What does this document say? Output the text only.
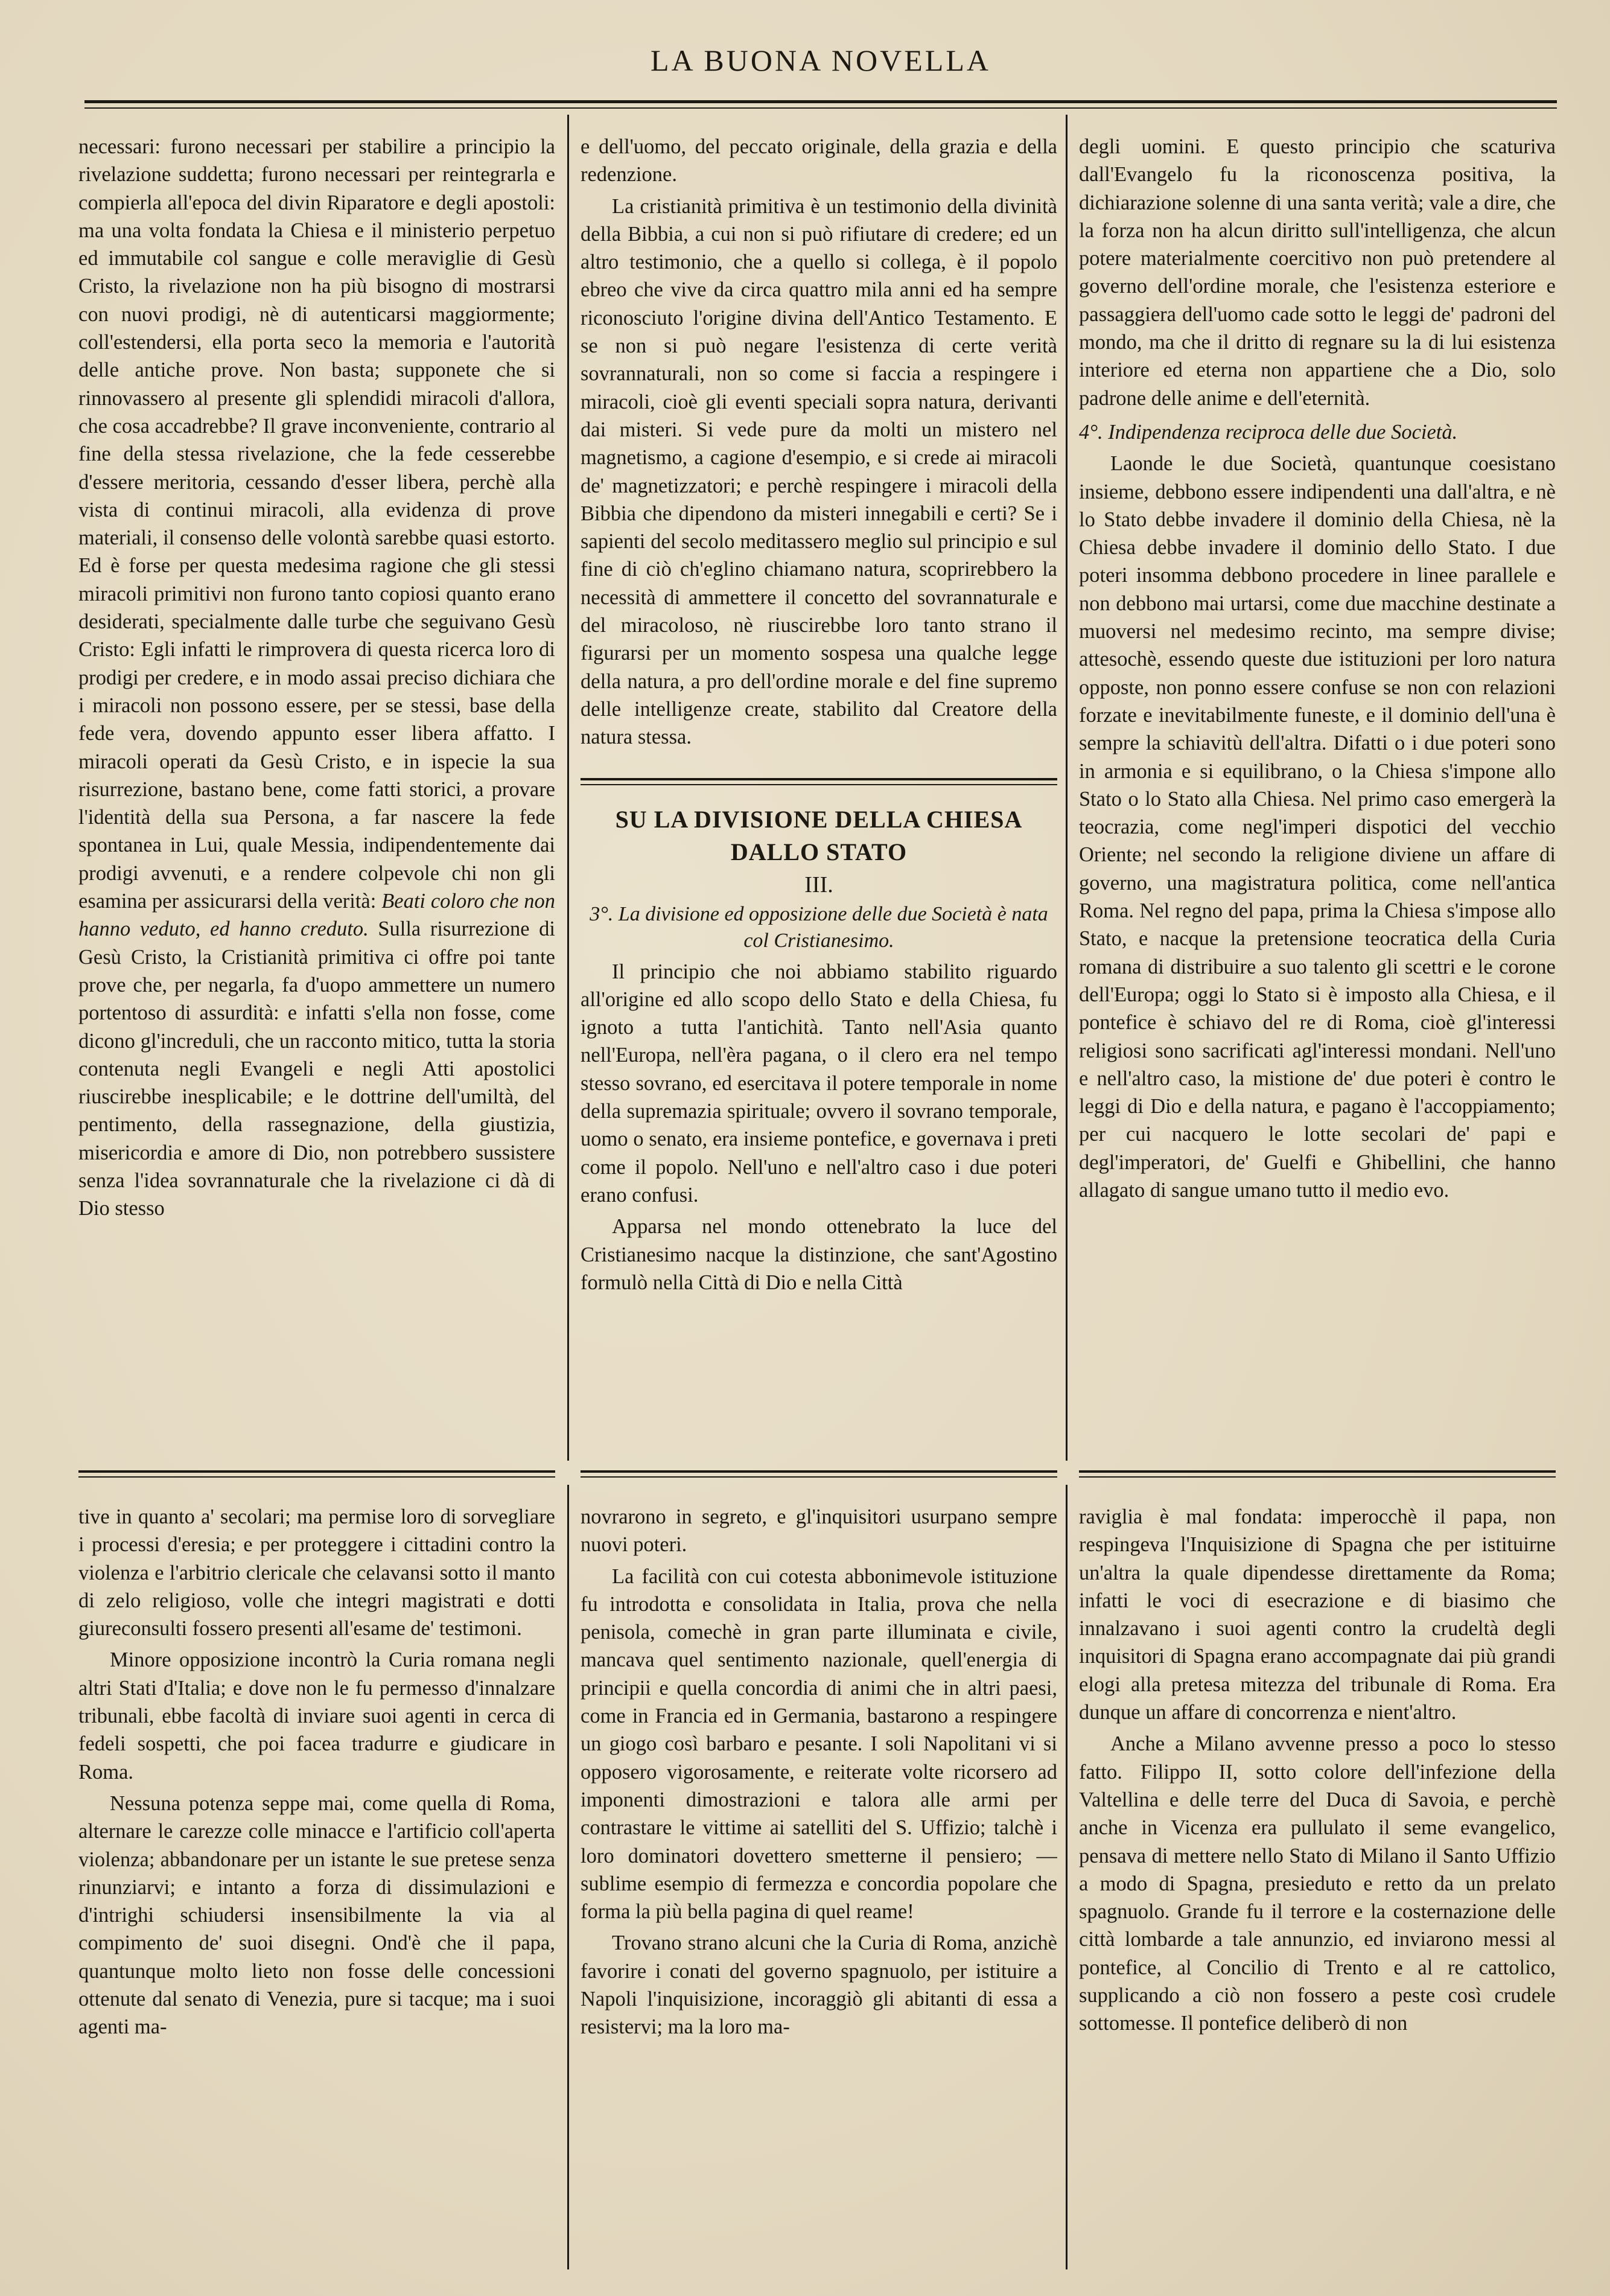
LA BUONA NOVELLA

necessari: furono necessari per stabilire a principio la rivelazione suddetta; furono necessari per reintegrarla e compierla all'epoca del divin Riparatore e degli apostoli: ma una volta fondata la Chiesa e il ministerio perpetuo ed immutabile col sangue e colle meraviglie di Gesù Cristo, la rivelazione non ha più bisogno di mostrarsi con nuovi prodigi, nè di autenticarsi maggiormente; coll'estendersi, ella porta seco la memoria e l'autorità delle antiche prove. Non basta; supponete che si rinnovassero al presente gli splendidi miracoli d'allora, che cosa accadrebbe? Il grave inconveniente, contrario al fine della stessa rivelazione, che la fede cesserebbe d'essere meritoria, cessando d'esser libera, perchè alla vista di continui miracoli, alla evidenza di prove materiali, il consenso delle volontà sarebbe quasi estorto. Ed è forse per questa medesima ragione che gli stessi miracoli primitivi non furono tanto copiosi quanto erano desiderati, specialmente dalle turbe che seguivano Gesù Cristo: Egli infatti le rimprovera di questa ricerca loro di prodigi per credere, e in modo assai preciso dichiara che i miracoli non possono essere, per se stessi, base della fede vera, dovendo appunto esser libera affatto. I miracoli operati da Gesù Cristo, e in ispecie la sua risurrezione, bastano bene, come fatti storici, a provare l'identità della sua Persona, a far nascere la fede spontanea in Lui, quale Messia, indipendentemente dai prodigi avvenuti, e a rendere colpevole chi non gli esamina per assicurarsi della verità: Beati coloro che non hanno veduto, ed hanno creduto. Sulla risurrezione di Gesù Cristo, la Cristianità primitiva ci offre poi tante prove che, per negarla, fa d'uopo ammettere un numero portentoso di assurdità: e infatti s'ella non fosse, come dicono gl'increduli, che un racconto mitico, tutta la storia contenuta negli Evangeli e negli Atti apostolici riuscirebbe inesplicabile; e le dottrine dell'umiltà, del pentimento, della rassegnazione, della giustizia, misericordia e amore di Dio, non potrebbero sussistere senza l'idea sovrannaturale che la rivelazione ci dà di Dio stesso

e dell'uomo, del peccato originale, della grazia e della redenzione.

La cristianità primitiva è un testimonio della divinità della Bibbia, a cui non si può rifiutare di credere; ed un altro testimonio, che a quello si collega, è il popolo ebreo che vive da circa quattro mila anni ed ha sempre riconosciuto l'origine divina dell'Antico Testamento. E se non si può negare l'esistenza di certe verità sovrannaturali, non so come si faccia a respingere i miracoli, cioè gli eventi speciali sopra natura, derivanti dai misteri. Si vede pure da molti un mistero nel magnetismo, a cagione d'esempio, e si crede ai miracoli de' magnetizzatori; e perchè respingere i miracoli della Bibbia che dipendono da misteri innegabili e certi? Se i sapienti del secolo meditassero meglio sul principio e sul fine di ciò ch'eglino chiamano natura, scoprirebbero la necessità di ammettere il concetto del sovrannaturale e del miracoloso, nè riuscirebbe loro tanto strano il figurarsi per un momento sospesa una qualche legge della natura, a pro dell'ordine morale e del fine supremo delle intelligenze create, stabilito dal Creatore della natura stessa.

SU LA DIVISIONE DELLA CHIESA DALLO STATO
III.
3°. La divisione ed opposizione delle due Società è nata col Cristianesimo.

Il principio che noi abbiamo stabilito riguardo all'origine ed allo scopo dello Stato e della Chiesa, fu ignoto a tutta l'antichità. Tanto nell'Asia quanto nell'Europa, nell'èra pagana, o il clero era nel tempo stesso sovrano, ed esercitava il potere temporale in nome della supremazia spirituale; ovvero il sovrano temporale, uomo o senato, era insieme pontefice, e governava i preti come il popolo. Nell'uno e nell'altro caso i due poteri erano confusi.

Apparsa nel mondo ottenebrato la luce del Cristianesimo nacque la distinzione, che sant'Agostino formulò nella Città di Dio e nella Città

degli uomini. E questo principio che scaturiva dall'Evangelo fu la riconoscenza positiva, la dichiarazione solenne di una santa verità; vale a dire, che la forza non ha alcun diritto sull'intelligenza, che alcun potere materialmente coercitivo non può pretendere al governo dell'ordine morale, che l'esistenza esteriore e passaggiera dell'uomo cade sotto le leggi de' padroni del mondo, ma che il dritto di regnare su la di lui esistenza interiore ed eterna non appartiene che a Dio, solo padrone delle anime e dell'eternità.

4°. Indipendenza reciproca delle due Società.

Laonde le due Società, quantunque coesistano insieme, debbono essere indipendenti una dall'altra, e nè lo Stato debbe invadere il dominio della Chiesa, nè la Chiesa debbe invadere il dominio dello Stato. I due poteri insomma debbono procedere in linee parallele e non debbono mai urtarsi, come due macchine destinate a muoversi nel medesimo recinto, ma sempre divise; attesochè, essendo queste due istituzioni per loro natura opposte, non ponno essere confuse se non con relazioni forzate e inevitabilmente funeste, e il dominio dell'una è sempre la schiavitù dell'altra. Difatti o i due poteri sono in armonia e si equilibrano, o la Chiesa s'impone allo Stato o lo Stato alla Chiesa. Nel primo caso emergerà la teocrazia, come negl'imperi dispotici del vecchio Oriente; nel secondo la religione diviene un affare di governo, una magistratura politica, come nell'antica Roma. Nel regno del papa, prima la Chiesa s'impose allo Stato, e nacque la pretensione teocratica della Curia romana di distribuire a suo talento gli scettri e le corone dell'Europa; oggi lo Stato si è imposto alla Chiesa, e il pontefice è schiavo del re di Roma, cioè gl'interessi religiosi sono sacrificati agl'interessi mondani. Nell'uno e nell'altro caso, la mistione de' due poteri è contro le leggi di Dio e della natura, e pagano è l'accoppiamento; per cui nacquero le lotte secolari de' papi e degl'imperatori, de' Guelfi e Ghibellini, che hanno allagato di sangue umano tutto il medio evo.

tive in quanto a' secolari; ma permise loro di sorvegliare i processi d'eresia; e per proteggere i cittadini contro la violenza e l'arbitrio clericale che celavansi sotto il manto di zelo religioso, volle che integri magistrati e dotti giureconsulti fossero presenti all'esame de' testimoni.

Minore opposizione incontrò la Curia romana negli altri Stati d'Italia; e dove non le fu permesso d'innalzare tribunali, ebbe facoltà di inviare suoi agenti in cerca di fedeli sospetti, che poi facea tradurre e giudicare in Roma.

Nessuna potenza seppe mai, come quella di Roma, alternare le carezze colle minacce e l'artificio coll'aperta violenza; abbandonare per un istante le sue pretese senza rinunziarvi; e intanto a forza di dissimulazioni e d'intrighi schiudersi insensibilmente la via al compimento de' suoi disegni. Ond'è che il papa, quantunque molto lieto non fosse delle concessioni ottenute dal senato di Venezia, pure si tacque; ma i suoi agenti ma-

novrarono in segreto, e gl'inquisitori usurpano sempre nuovi poteri.

La facilità con cui cotesta abbonimevole istituzione fu introdotta e consolidata in Italia, prova che nella penisola, comechè in gran parte illuminata e civile, mancava quel sentimento nazionale, quell'energia di principii e quella concordia di animi che in altri paesi, come in Francia ed in Germania, bastarono a respingere un giogo così barbaro e pesante. I soli Napolitani vi si opposero vigorosamente, e reiterate volte ricorsero ad imponenti dimostrazioni e talora alle armi per contrastare le vittime ai satelliti del S. Uffizio; talchè i loro dominatori dovettero smetterne il pensiero; — sublime esempio di fermezza e concordia popolare che forma la più bella pagina di quel reame!

Trovano strano alcuni che la Curia di Roma, anzichè favorire i conati del governo spagnuolo, per istituire a Napoli l'inquisizione, incoraggiò gli abitanti di essa a resistervi; ma la loro ma-

raviglia è mal fondata: imperocchè il papa, non respingeva l'Inquisizione di Spagna che per istituirne un'altra la quale dipendesse direttamente da Roma; infatti le voci di esecrazione e di biasimo che innalzavano i suoi agenti contro la crudeltà degli inquisitori di Spagna erano accompagnate dai più grandi elogi alla pretesa mitezza del tribunale di Roma. Era dunque un affare di concorrenza e nient'altro.

Anche a Milano avvenne presso a poco lo stesso fatto. Filippo II, sotto colore dell'infezione della Valtellina e delle terre del Duca di Savoia, e perchè anche in Vicenza era pullulato il seme evangelico, pensava di mettere nello Stato di Milano il Santo Uffizio a modo di Spagna, presieduto e retto da un prelato spagnuolo. Grande fu il terrore e la costernazione delle città lombarde a tale annunzio, ed inviarono messi al pontefice, al Concilio di Trento e al re cattolico, supplicando a ciò non fossero a peste così crudele sottomesse. Il pontefice deliberò di non
